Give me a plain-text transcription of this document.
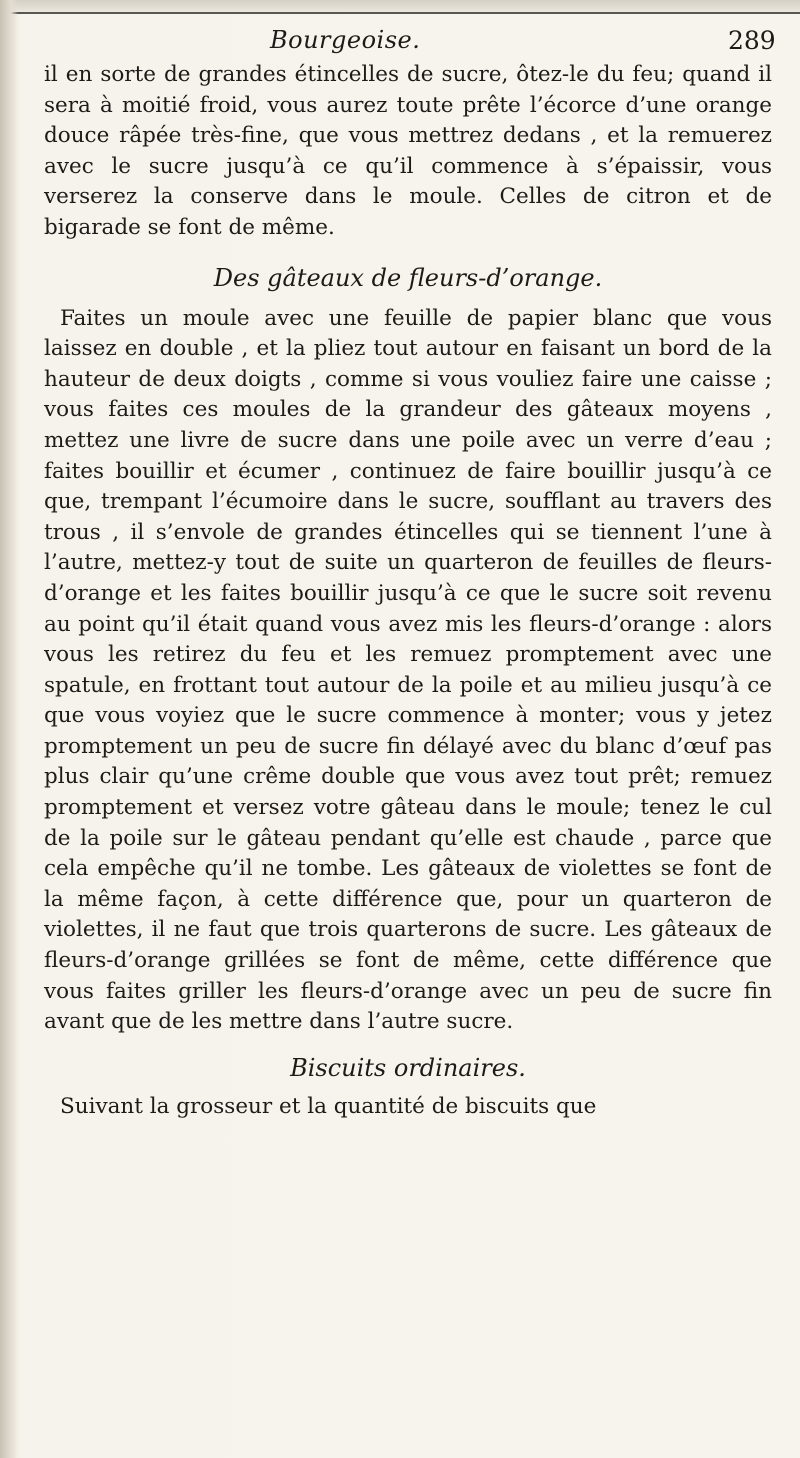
Bourgeoise.	289

il en sorte de grandes étincelles de sucre, ôtez-le du feu; quand il sera à moitié froid, vous aurez toute prête l’écorce d’une orange douce râpée très-fine, que vous mettrez dedans , et la remuerez avec le sucre jusqu’à ce qu’il commence à s’épaissir, vous verserez la conserve dans le moule. Celles de citron et de bigarade se font de même.

Des gâteaux de fleurs-d’orange.

Faites un moule avec une feuille de papier blanc que vous laissez en double , et la pliez tout autour en faisant un bord de la hauteur de deux doigts , comme si vous vouliez faire une caisse ; vous faites ces moules de la grandeur des gâteaux moyens , mettez une livre de sucre dans une poile avec un verre d’eau ; faites bouillir et écumer , continuez de faire bouillir jusqu’à ce que, trempant l’écumoire dans le sucre, soufflant au travers des trous , il s’envole de grandes étincelles qui se tiennent l’une à l’autre, mettez-y tout de suite un quarteron de feuilles de fleurs-d’orange et les faites bouillir jusqu’à ce que le sucre soit revenu au point qu’il était quand vous avez mis les fleurs-d’orange : alors vous les retirez du feu et les remuez promptement avec une spatule, en frottant tout autour de la poile et au milieu jusqu’à ce que vous voyiez que le sucre commence à monter; vous y jetez promptement un peu de sucre fin délayé avec du blanc d’œuf pas plus clair qu’une crême double que vous avez tout prêt; remuez promptement et versez votre gâteau dans le moule; tenez le cul de la poile sur le gâteau pendant qu’elle est chaude , parce que cela empêche qu’il ne tombe. Les gâteaux de violettes se font de la même façon, à cette différence que, pour un quarteron de violettes, il ne faut que trois quarterons de sucre. Les gâteaux de fleurs-d’orange grillées se font de même, cette différence que vous faites griller les fleurs-d’orange avec un peu de sucre fin avant que de les mettre dans l’autre sucre.

Biscuits ordinaires.

Suivant la grosseur et la quantité de biscuits que
